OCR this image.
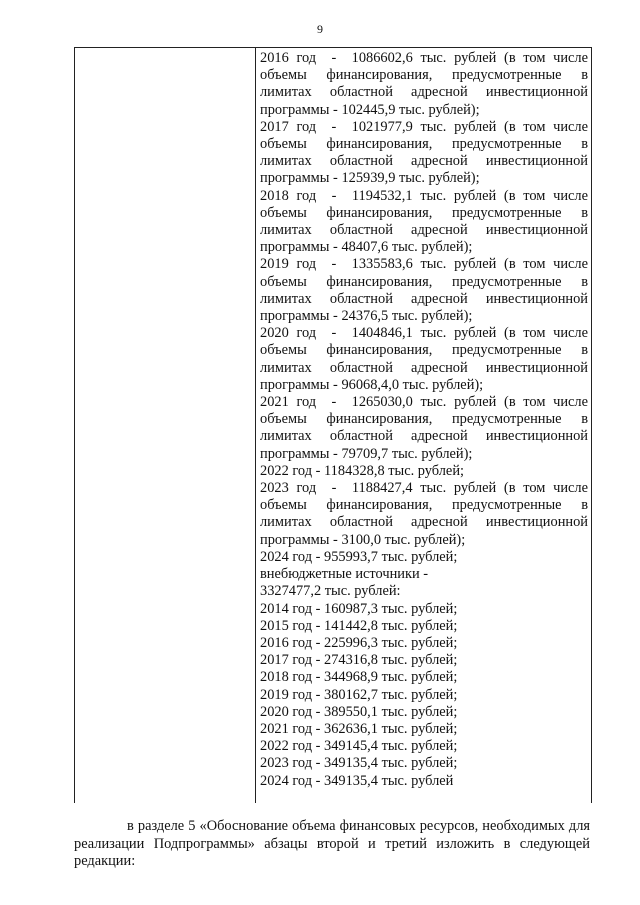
9
2016 год  -  1086602,6 тыс. рублей (в том числе объемы финансирования, предусмотренные в лимитах областной адресной инвестиционной программы - 102445,9 тыс. рублей);
2017 год  -  1021977,9 тыс. рублей (в том числе объемы финансирования, предусмотренные в лимитах областной адресной инвестиционной программы - 125939,9 тыс. рублей);
2018 год  -  1194532,1 тыс. рублей (в том числе объемы финансирования, предусмотренные в лимитах областной адресной инвестиционной программы - 48407,6 тыс. рублей);
2019 год  -  1335583,6 тыс. рублей (в том числе объемы финансирования, предусмотренные в лимитах областной адресной инвестиционной программы - 24376,5 тыс. рублей);
2020 год  -  1404846,1 тыс. рублей (в том числе объемы финансирования, предусмотренные в лимитах областной адресной инвестиционной программы - 96068,4,0 тыс. рублей);
2021 год  -  1265030,0 тыс. рублей (в том числе объемы финансирования, предусмотренные в лимитах областной адресной инвестиционной программы - 79709,7 тыс. рублей);
2022 год - 1184328,8 тыс. рублей;
2023 год  -  1188427,4 тыс. рублей (в том числе объемы финансирования, предусмотренные в лимитах областной адресной инвестиционной программы - 3100,0 тыс. рублей);
2024 год - 955993,7 тыс. рублей;
внебюджетные источники -
3327477,2 тыс. рублей:
2014 год - 160987,3 тыс. рублей;
2015 год - 141442,8 тыс. рублей;
2016 год - 225996,3 тыс. рублей;
2017 год - 274316,8 тыс. рублей;
2018 год - 344968,9 тыс. рублей;
2019 год - 380162,7 тыс. рублей;
2020 год - 389550,1 тыс. рублей;
2021 год - 362636,1 тыс. рублей;
2022 год - 349145,4 тыс. рублей;
2023 год - 349135,4 тыс. рублей;
2024 год - 349135,4 тыс. рублей

в разделе 5 «Обоснование объема финансовых ресурсов, необходимых для реализации Подпрограммы» абзацы второй и третий изложить в следующей редакции:
